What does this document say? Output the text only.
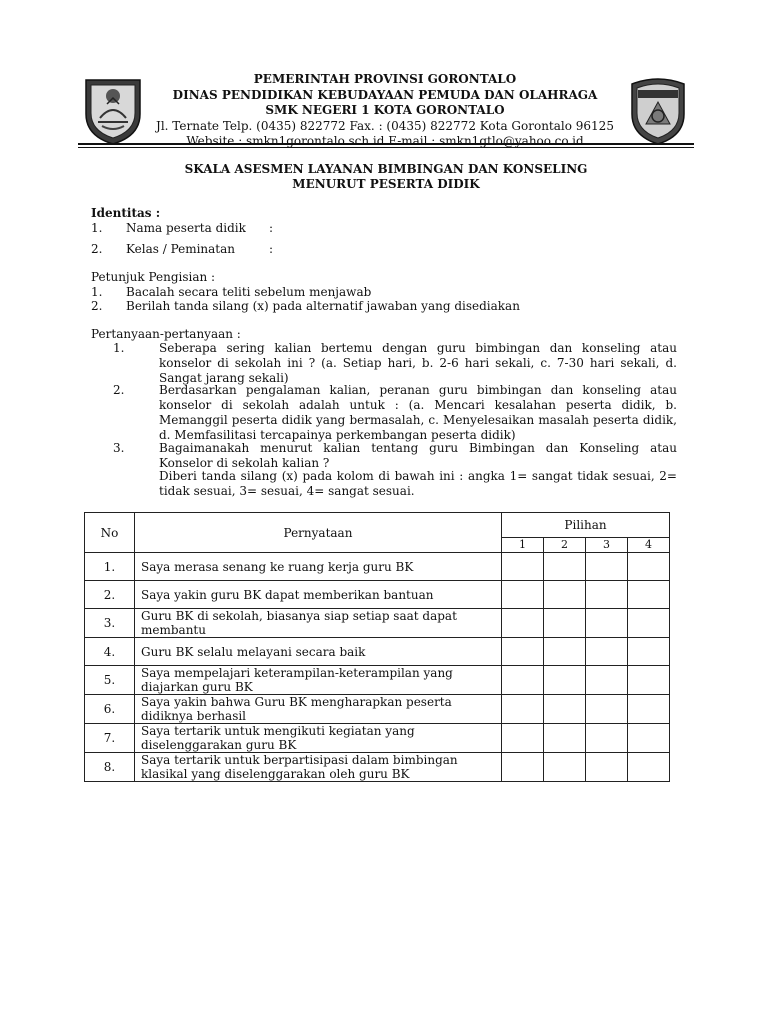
PEMERINTAH PROVINSI GORONTALO
DINAS PENDIDIKAN KEBUDAYAAN PEMUDA DAN OLAHRAGA
SMK NEGERI 1 KOTA GORONTALO
Jl. Ternate Telp. (0435) 822772 Fax. : (0435) 822772 Kota Gorontalo 96125
Website : smkn1gorontalo.sch.id E-mail : smkn1gtlo@yahoo.co.id
SKALA ASESMEN LAYANAN BIMBINGAN DAN KONSELING
MENURUT PESERTA DIDIK
Identitas :
1. Nama peserta didik :
2. Kelas / Peminatan	:
Petunjuk Pengisian :
1. Bacalah secara teliti sebelum menjawab
2. Berilah tanda silang (x) pada alternatif jawaban yang disediakan
Pertanyaan-pertanyaan :
1.	Seberapa sering kalian bertemu dengan guru bimbingan dan konseling atau konselor di sekolah ini ? (a. Setiap hari, b. 2-6 hari sekali, c. 7-30 hari sekali, d. Sangat jarang sekali)
2.	Berdasarkan pengalaman kalian, peranan guru bimbingan dan konseling atau konselor di sekolah adalah untuk : (a. Mencari kesalahan peserta didik, b. Memanggil peserta didik yang bermasalah, c. Menyelesaikan masalah peserta didik, d. Memfasilitasi tercapainya perkembangan peserta didik)
3.	Bagaimanakah menurut kalian tentang guru Bimbingan dan Konseling atau Konselor di sekolah kalian ?
Diberi tanda silang (x) pada kolom di bawah ini : angka 1= sangat tidak sesuai, 2= tidak sesuai, 3= sesuai, 4= sangat sesuai.
No	Pernyataan	Pilihan			
		1	2	3	4
1.	Saya merasa senang ke ruang kerja guru BK				
2.	Saya yakin guru BK dapat memberikan bantuan				
3.	Guru BK di sekolah, biasanya siap setiap saat dapat membantu				
4.	Guru BK selalu melayani secara baik				
5.	Saya mempelajari keterampilan-keterampilan yang diajarkan guru BK				
6.	Saya yakin bahwa Guru BK mengharapkan peserta didiknya berhasil				
7.	Saya tertarik untuk mengikuti kegiatan yang diselenggarakan guru BK				
8.	Saya tertarik untuk berpartisipasi dalam bimbingan klasikal yang diselenggarakan oleh guru BK				
